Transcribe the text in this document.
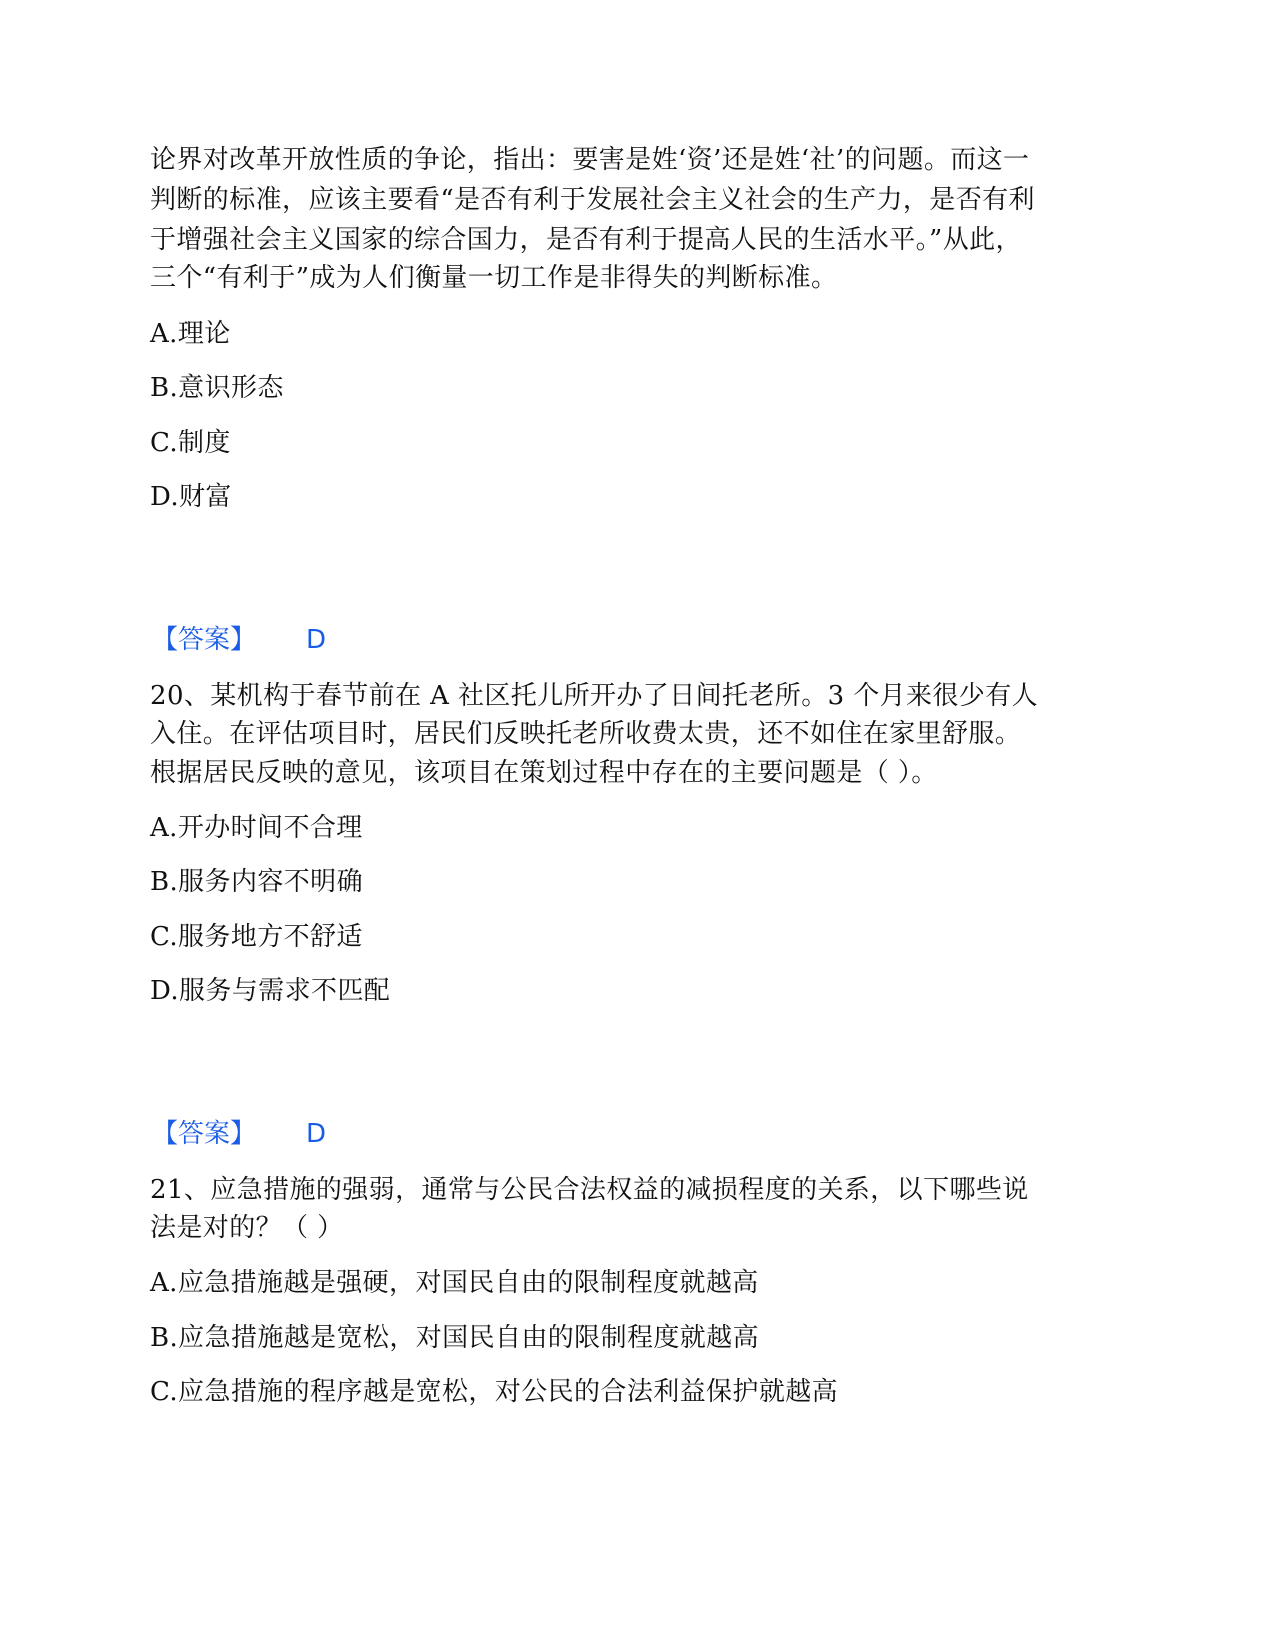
论界对改革开放性质的争论，指出：要害是姓‘资’还是姓‘社’的问题。而这一
判断的标准，应该主要看“是否有利于发展社会主义社会的生产力，是否有利
于增强社会主义国家的综合国力，是否有利于提高人民的生活水平。”从此，
三个“有利于”成为人们衡量一切工作是非得失的判断标准。
A.理论
B.意识形态
C.制度
D.财富
【答案】 D
20、某机构于春节前在 A 社区托儿所开办了日间托老所。3 个月来很少有人
入住。在评估项目时，居民们反映托老所收费太贵，还不如住在家里舒服。
根据居民反映的意见，该项目在策划过程中存在的主要问题是（ ）。
A.开办时间不合理
B.服务内容不明确
C.服务地方不舒适
D.服务与需求不匹配
【答案】 D
21、应急措施的强弱，通常与公民合法权益的减损程度的关系，以下哪些说
法是对的？（ ）
A.应急措施越是强硬，对国民自由的限制程度就越高
B.应急措施越是宽松，对国民自由的限制程度就越高
C.应急措施的程序越是宽松，对公民的合法利益保护就越高
